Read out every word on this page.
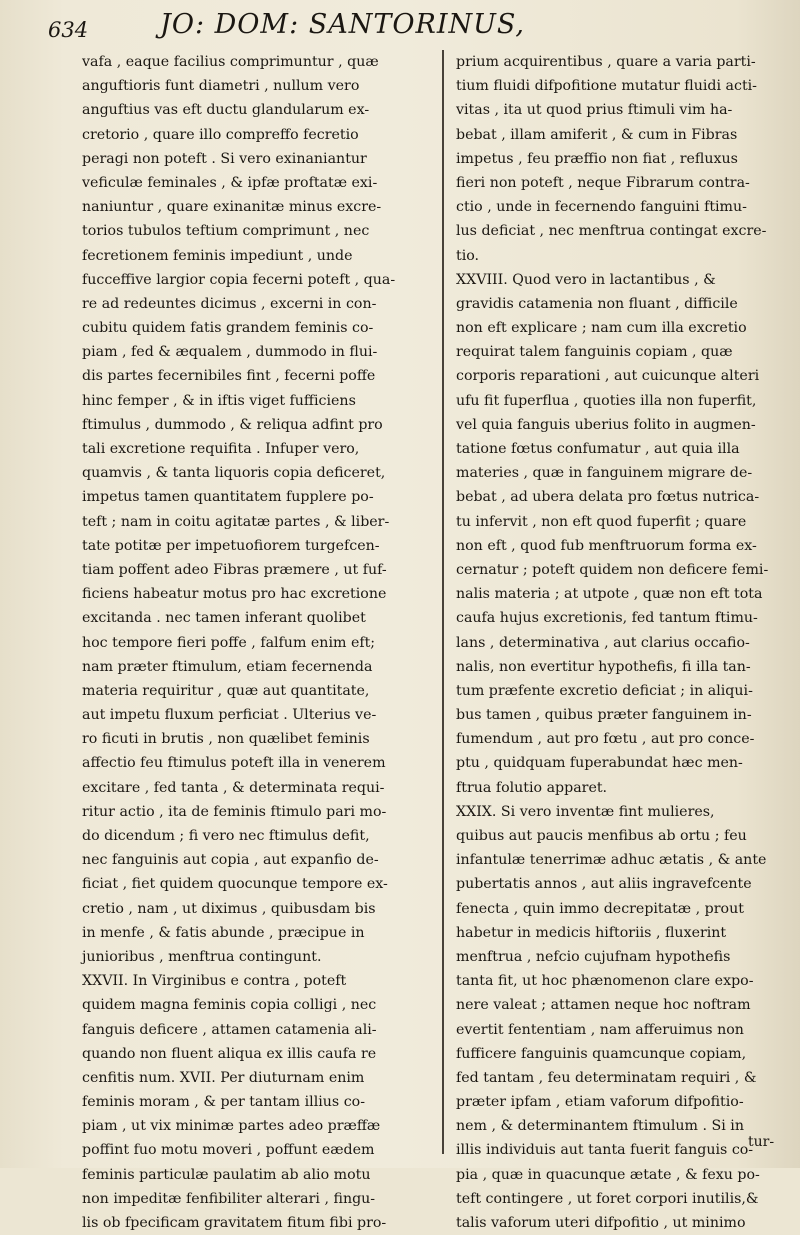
634	JO: DOM: SANTORINUS,
vafa , eaque facilius comprimuntur , quæ
anguftioris funt diametri , nullum vero
anguftius vas eft ductu glandularum ex-
cretorio , quare illo compreffo fecretio
peragi non poteft . Si vero exinaniantur
veficulæ feminales , & ipfæ proftatæ exi-
naniuntur , quare exinanitæ minus excre-
torios tubulos teftium comprimunt , nec
fecretionem feminis impediunt , unde
fucceffive largior copia fecerni poteft , qua-
re ad redeuntes dicimus , excerni in con-
cubitu quidem fatis grandem feminis co-
piam , fed & æqualem , dummodo in flui-
dis partes fecernibiles fint , fecerni poffe
hinc femper , & in iftis viget fufficiens
ftimulus , dummodo , & reliqua adfint pro
tali excretione requifita . Infuper vero,
quamvis , & tanta liquoris copia deficeret,
impetus tamen quantitatem fupplere po-
teft ; nam in coitu agitatæ partes , & liber-
tate potitæ per impetuofiorem turgefcen-
tiam poffent adeo Fibras præmere , ut fuf-
ficiens habeatur motus pro hac excretione
excitanda . nec tamen inferant quolibet
hoc tempore fieri poffe , falfum enim eft;
nam præter ftimulum, etiam fecernenda
materia requiritur , quæ aut quantitate,
aut impetu fluxum perficiat . Ulterius ve-
ro ficuti in brutis , non quælibet feminis
affectio feu ftimulus poteft illa in venerem
excitare , fed tanta , & determinata requi-
ritur actio , ita de feminis ftimulo pari mo-
do dicendum ; fi vero nec ftimulus defit,
nec fanguinis aut copia , aut expanfio de-
ficiat , fiet quidem quocunque tempore ex-
cretio , nam , ut diximus , quibusdam bis
in menfe , & fatis abunde , præcipue in
junioribus , menftrua contingunt.
XXVII. In Virginibus e contra , poteft
quidem magna feminis copia colligi , nec
fanguis deficere , attamen catamenia ali-
quando non fluent aliqua ex illis caufa re
cenfitis num. XVII. Per diuturnam enim
feminis moram , & per tantam illius co-
piam , ut vix minimæ partes adeo præffæ
poffint fuo motu moveri , poffunt eædem
feminis particulæ paulatim ab alio motu
non impeditæ fenfibiliter alterari , fingu-
lis ob fpecificam gravitatem fitum fibi pro-
prium acquirentibus , quare a varia parti-
tium fluidi difpofitione mutatur fluidi acti-
vitas , ita ut quod prius ftimuli vim ha-
bebat , illam amiferit , & cum in Fibras
impetus , feu præffio non fiat , refluxus
fieri non poteft , neque Fibrarum contra-
ctio , unde in fecernendo fanguini ftimu-
lus deficiat , nec menftrua contingat excre-
tio.
XXVIII. Quod vero in lactantibus , &
gravidis catamenia non fluant , difficile
non eft explicare ; nam cum illa excretio
requirat talem fanguinis copiam , quæ
corporis reparationi , aut cuicunque alteri
ufu fit fuperflua , quoties illa non fuperfit,
vel quia fanguis uberius folito in augmen-
tatione fœtus confumatur , aut quia illa
materies , quæ in fanguinem migrare de-
bebat , ad ubera delata pro fœtus nutrica-
tu infervit , non eft quod fuperfit ; quare
non eft , quod fub menftruorum forma ex-
cernatur ; poteft quidem non deficere femi-
nalis materia ; at utpote , quæ non eft tota
caufa hujus excretionis, fed tantum ftimu-
lans , determinativa , aut clarius occafio-
nalis, non evertitur hypothefis, fi illa tan-
tum præfente excretio deficiat ; in aliqui-
bus tamen , quibus præter fanguinem in-
fumendum , aut pro fœtu , aut pro conce-
ptu , quidquam fuperabundat hæc men-
ftrua folutio apparet.
XXIX. Si vero inventæ fint mulieres,
quibus aut paucis menfibus ab ortu ; feu
infantulæ tenerrimæ adhuc ætatis , & ante
pubertatis annos , aut aliis ingravefcente
fenecta , quin immo decrepitatæ , prout
habetur in medicis hiftoriis , fluxerint
menftrua , nefcio cujufnam hypothefis
tanta fit, ut hoc phænomenon clare expo-
nere valeat ; attamen neque hoc noftram
evertit fententiam , nam afferuimus non
fufficere fanguinis quamcunque copiam,
fed tantam , feu determinatam requiri , &
præter ipfam , etiam vaforum difpofitio-
nem , & determinantem ftimulum . Si in
illis individuis aut tanta fuerit fanguis co-
pia , quæ in quacunque ætate , & fexu po-
teft contingere , ut foret corpori inutilis,&
talis vaforum uteri difpofitio , ut minimo
tur-
